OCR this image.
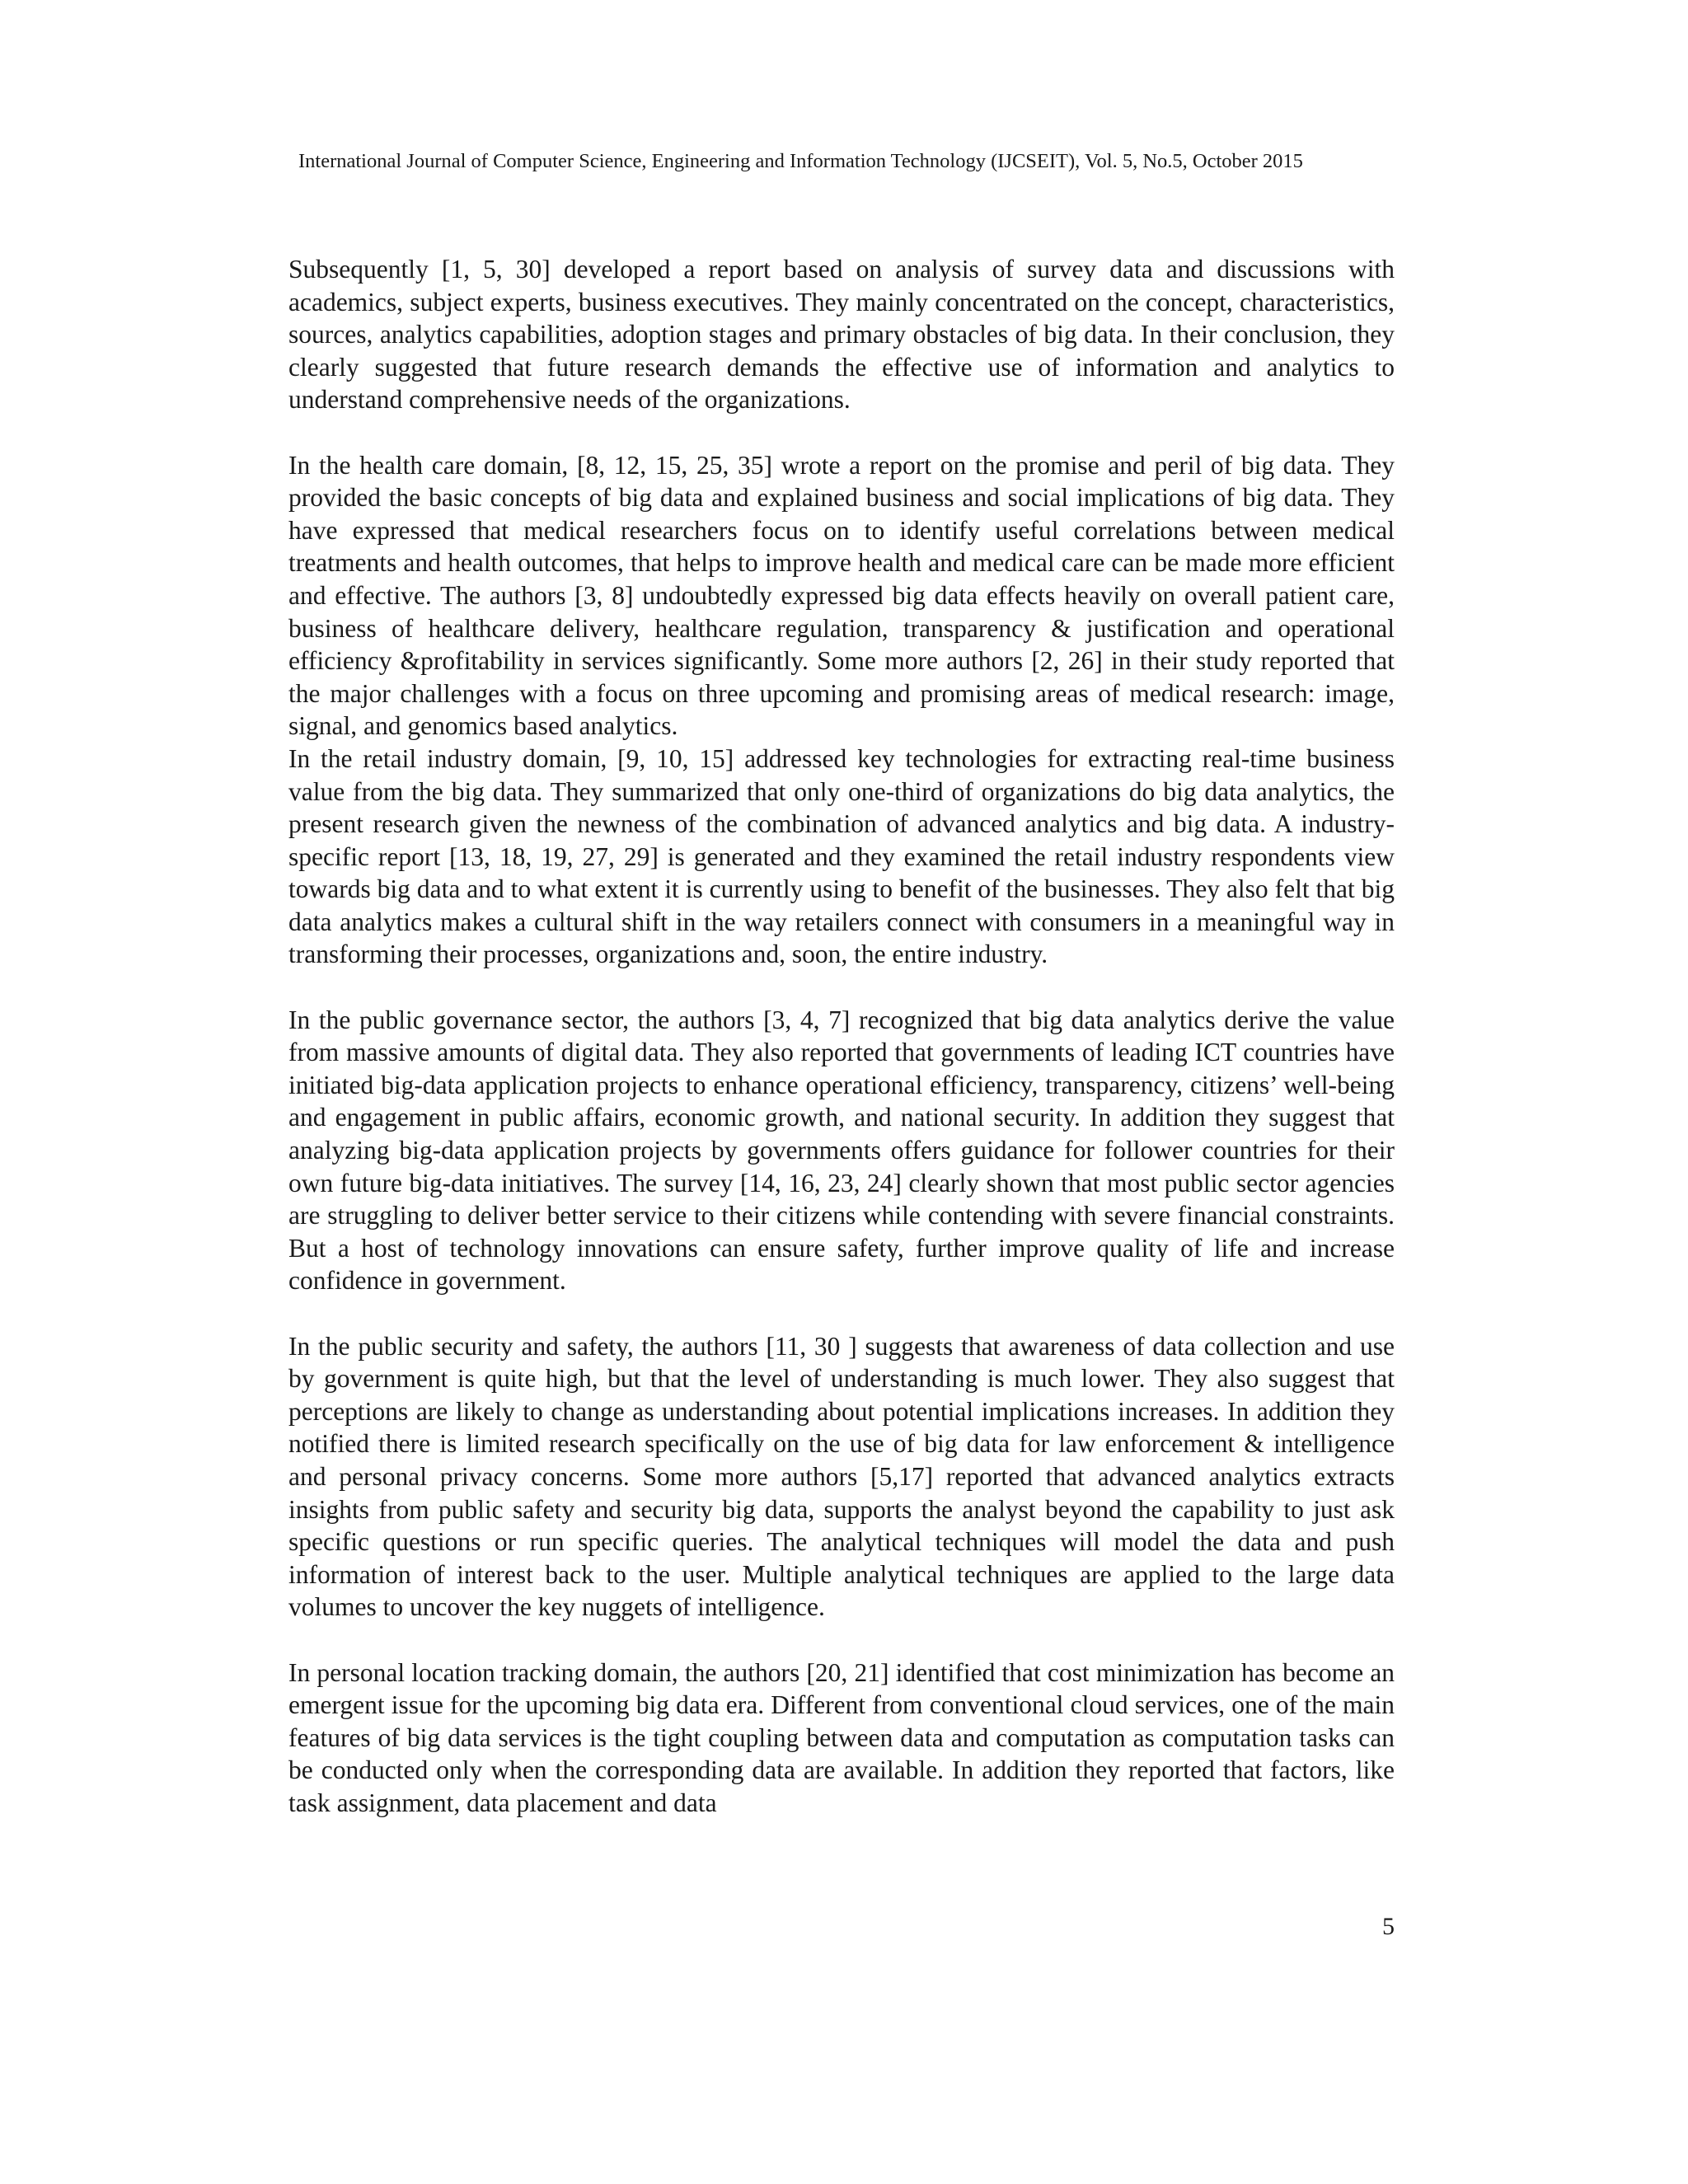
International Journal of Computer Science, Engineering and Information Technology (IJCSEIT), Vol. 5, No.5, October 2015

Subsequently [1, 5, 30] developed a report based on analysis of survey data and discussions with academics, subject experts, business executives. They mainly concentrated on the concept, characteristics, sources, analytics capabilities, adoption stages and primary obstacles of big data. In their conclusion, they clearly suggested that future research demands the effective use of information and analytics to understand comprehensive needs of the organizations.

In the health care domain, [8, 12, 15, 25, 35] wrote a report on the promise and peril of big data. They provided the basic concepts of big data and explained business and social implications of big data. They have expressed that medical researchers focus on to identify useful correlations between medical treatments and health outcomes, that helps to improve health and medical care can be made more efficient and effective. The authors [3, 8] undoubtedly expressed big data effects heavily on overall patient care, business of healthcare delivery, healthcare regulation, transparency & justification and operational efficiency &profitability in services significantly. Some more authors [2, 26] in their study reported that the major challenges with a focus on three upcoming and promising areas of medical research: image, signal, and genomics based analytics.

In the retail industry domain, [9, 10, 15] addressed key technologies for extracting real-time business value from the big data. They summarized that only one-third of organizations do big data analytics, the present research given the newness of the combination of advanced analytics and big data. A industry-specific report [13, 18, 19, 27, 29] is generated and they examined the retail industry respondents view towards big data and to what extent it is currently using to benefit of the businesses. They also felt that big data analytics makes a cultural shift in the way retailers connect with consumers in a meaningful way in transforming their processes, organizations and, soon, the entire industry.

In the public governance sector, the authors [3, 4, 7] recognized that big data analytics derive the value from massive amounts of digital data. They also reported that governments of leading ICT countries have initiated big-data application projects to enhance operational efficiency, transparency, citizens’ well-being and engagement in public affairs, economic growth, and national security. In addition they suggest that analyzing big-data application projects by governments offers guidance for follower countries for their own future big-data initiatives. The survey [14, 16, 23, 24] clearly shown that most public sector agencies are struggling to deliver better service to their citizens while contending with severe financial constraints. But a host of technology innovations can ensure safety, further improve quality of life and increase confidence in government.

In the public security and safety, the authors [11, 30 ] suggests that awareness of data collection and use by government is quite high, but that the level of understanding is much lower. They also suggest that perceptions are likely to change as understanding about potential implications increases. In addition they notified there is limited research specifically on the use of big data for law enforcement & intelligence and personal privacy concerns. Some more authors [5,17] reported that advanced analytics extracts insights from public safety and security big data, supports the analyst beyond the capability to just ask specific questions or run specific queries. The analytical techniques will model the data and push information of interest back to the user. Multiple analytical techniques are applied to the large data volumes to uncover the key nuggets of intelligence.

In personal location tracking domain, the authors [20, 21] identified that cost minimization has become an emergent issue for the upcoming big data era. Different from conventional cloud services, one of the main features of big data services is the tight coupling between data and computation as computation tasks can be conducted only when the corresponding data are available. In addition they reported that factors, like task assignment, data placement and data

5
